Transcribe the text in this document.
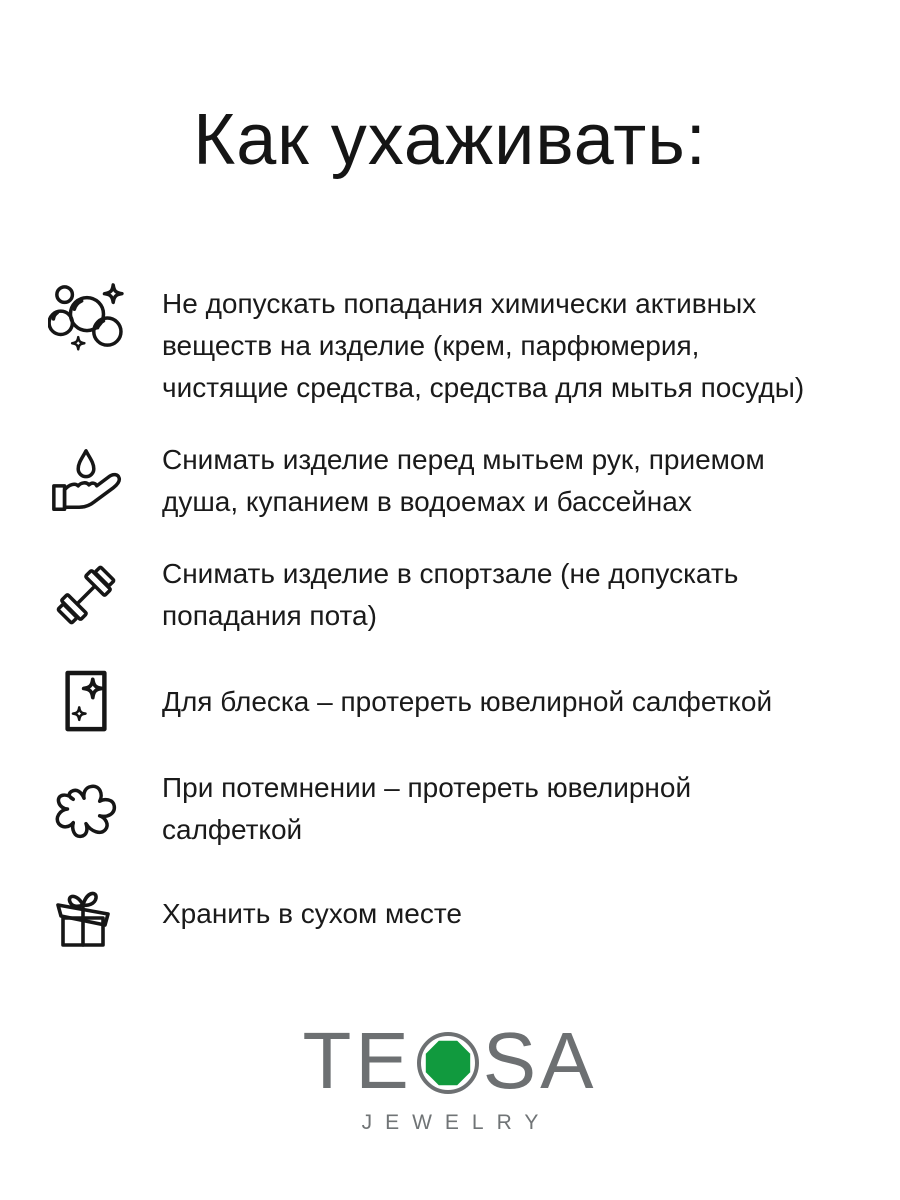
Как ухаживать:
Не допускать попадания химически активных
веществ на изделие (крем, парфюмерия,
чистящие средства, средства для мытья посуды)
Снимать изделие перед мытьем рук, приемом
душа, купанием в водоемах и бассейнах
Снимать изделие в спортзале (не допускать
попадания пота)
Для блеска – протереть ювелирной салфеткой
При потемнении – протереть ювелирной
салфеткой
Хранить в сухом месте
TE SA
JEWELRY
